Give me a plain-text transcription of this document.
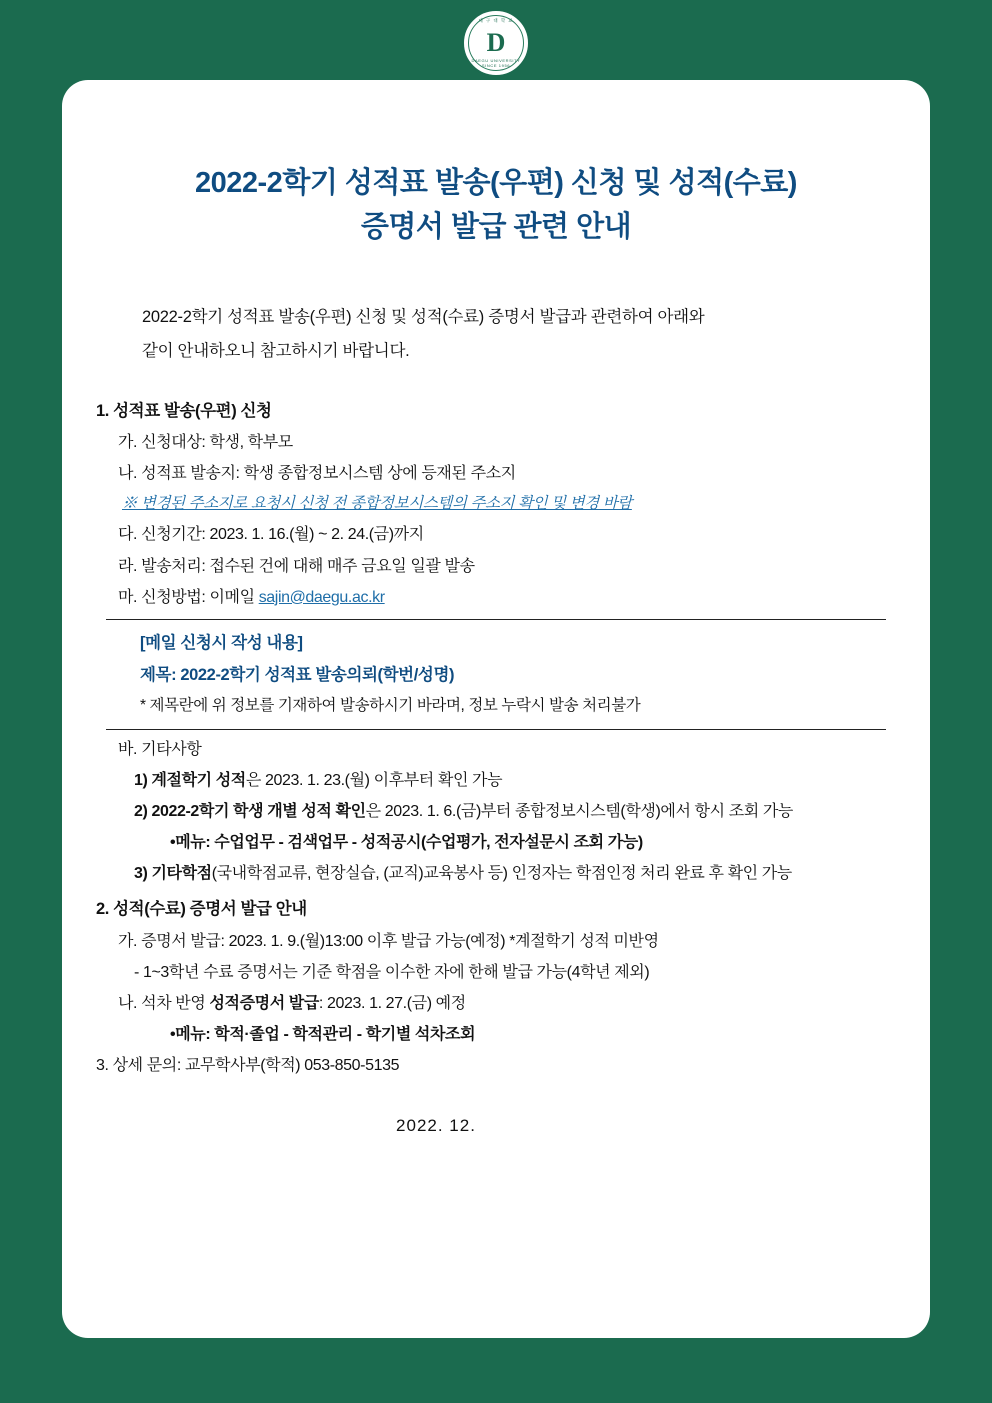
대 구 대 학 교
D
DAEGU UNIVERSITY SINCE 1956
2022-2학기 성적표 발송(우편) 신청 및 성적(수료)
증명서 발급 관련 안내
2022-2학기 성적표 발송(우편) 신청 및 성적(수료) 증명서 발급과 관련하여 아래와
같이 안내하오니 참고하시기 바랍니다.
1. 성적표 발송(우편) 신청
가. 신청대상: 학생, 학부모
나. 성적표 발송지: 학생 종합정보시스템 상에 등재된 주소지
※ 변경된 주소지로 요청시 신청 전 종합정보시스템의 주소지 확인 및 변경 바람
다. 신청기간: 2023. 1. 16.(월) ~ 2. 24.(금)까지
라. 발송처리: 접수된 건에 대해 매주 금요일 일괄 발송
마. 신청방법: 이메일 sajin@daegu.ac.kr
[메일 신청시 작성 내용]
제목: 2022-2학기 성적표 발송의뢰(학번/성명)
* 제목란에 위 정보를 기재하여 발송하시기 바라며, 정보 누락시 발송 처리불가
바. 기타사항
1) 계절학기 성적은 2023. 1. 23.(월) 이후부터 확인 가능
2) 2022-2학기 학생 개별 성적 확인은 2023. 1. 6.(금)부터 종합정보시스템(학생)에서 항시 조회 가능
•메뉴: 수업업무 - 검색업무 - 성적공시(수업평가, 전자설문시 조회 가능)
3) 기타학점(국내학점교류, 현장실습, (교직)교육봉사 등) 인정자는 학점인정 처리 완료 후 확인 가능
2. 성적(수료) 증명서 발급 안내
가. 증명서 발급: 2023. 1. 9.(월)13:00 이후 발급 가능(예정) *계절학기 성적 미반영
- 1~3학년 수료 증명서는 기준 학점을 이수한 자에 한해 발급 가능(4학년 제외)
나. 석차 반영 성적증명서 발급: 2023. 1. 27.(금) 예정
•메뉴: 학적·졸업 - 학적관리 - 학기별 석차조회
3. 상세 문의: 교무학사부(학적) 053-850-5135
2022. 12.
